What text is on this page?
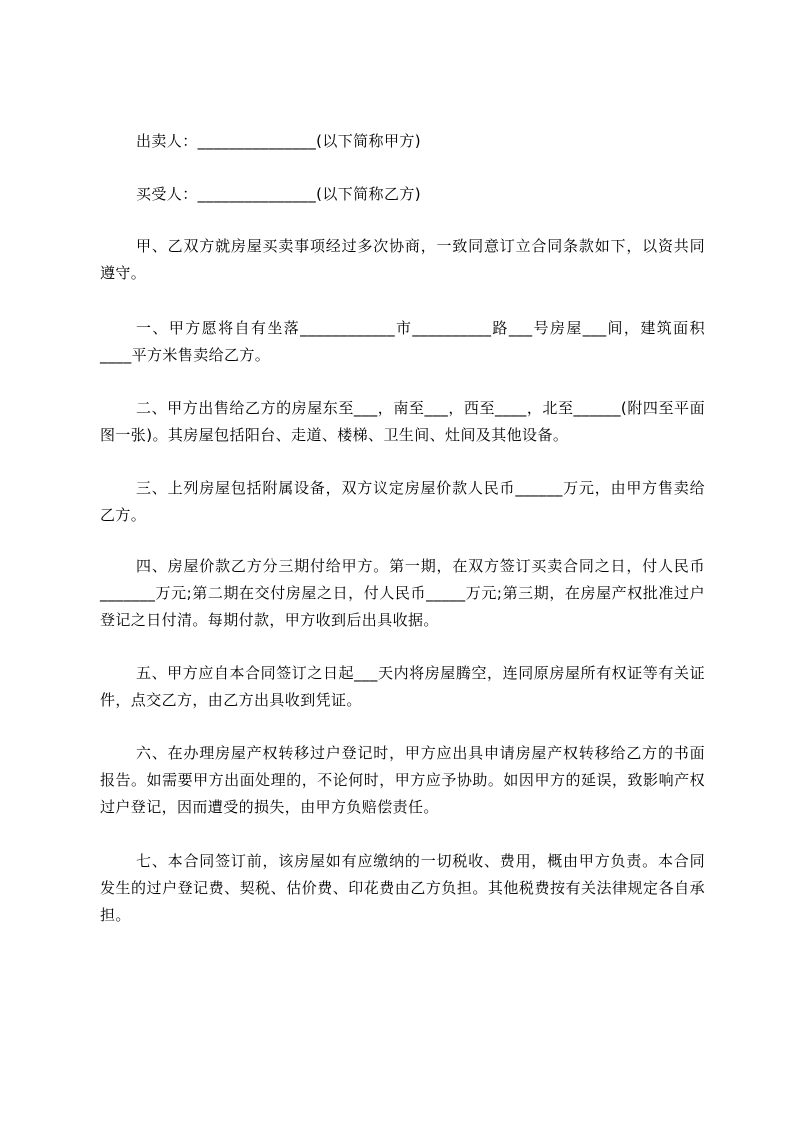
出卖人：_______________(以下简称甲方)

买受人：_______________(以下简称乙方)

甲、乙双方就房屋买卖事项经过多次协商，一致同意订立合同条款如下，以资共同遵守。

一、甲方愿将自有坐落____________市__________路___号房屋___间，建筑面积____平方米售卖给乙方。

二、甲方出售给乙方的房屋东至___，南至___，西至____，北至______(附四至平面图一张)。其房屋包括阳台、走道、楼梯、卫生间、灶间及其他设备。

三、上列房屋包括附属设备，双方议定房屋价款人民币______万元，由甲方售卖给乙方。

四、房屋价款乙方分三期付给甲方。第一期，在双方签订买卖合同之日，付人民币_______万元;第二期在交付房屋之日，付人民币_____万元;第三期，在房屋产权批准过户登记之日付清。每期付款，甲方收到后出具收据。

五、甲方应自本合同签订之日起___天内将房屋腾空，连同原房屋所有权证等有关证件，点交乙方，由乙方出具收到凭证。

六、在办理房屋产权转移过户登记时，甲方应出具申请房屋产权转移给乙方的书面报告。如需要甲方出面处理的，不论何时，甲方应予协助。如因甲方的延误，致影响产权过户登记，因而遭受的损失，由甲方负赔偿责任。

七、本合同签订前，该房屋如有应缴纳的一切税收、费用，概由甲方负责。本合同发生的过户登记费、契税、估价费、印花费由乙方负担。其他税费按有关法律规定各自承担。
